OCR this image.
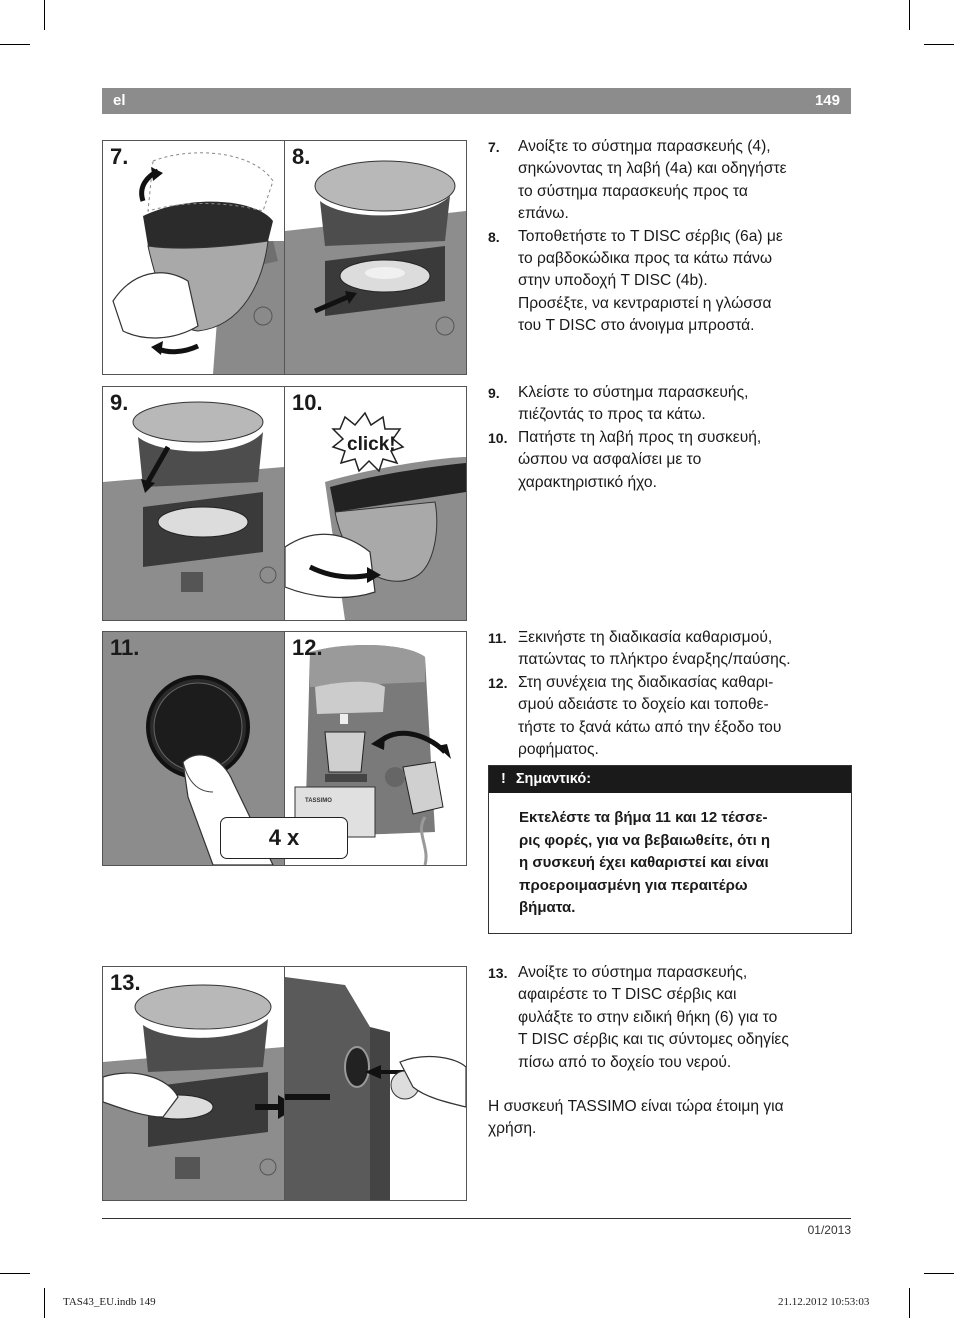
el	149
7.	8.
9.	10.
click!
11.	12.
TASSIMO
4 x
13.
7. Ανοίξτε το σύστημα παρασκευής (4),
σηκώνοντας τη λαβή (4a) και οδηγήστε
το σύστημα παρασκευής προς τα
επάνω.
8. Τοποθετήστε το T DISC σέρβις (6a) με
το ραβδοκώδικα προς τα κάτω πάνω
στην υποδοχή T DISC (4b).
Προσέξτε, να κεντραριστεί η γλώσσα
του T DISC στο άνοιγμα μπροστά.
9. Κλείστε το σύστημα παρασκευής,
πιέζοντάς το προς τα κάτω.
10. Πατήστε τη λαβή προς τη συσκευή,
ώσπου να ασφαλίσει με το
χαρακτηριστικό ήχο.
11. Ξεκινήστε τη διαδικασία καθαρισμού,
πατώντας το πλήκτρο έναρξης/παύσης.
12. Στη συνέχεια της διαδικασίας καθαρι-
σμού αδειάστε το δοχείο και τοποθε-
τήστε το ξανά κάτω από την έξοδο του
ροφήματος.
! Σημαντικό:
Εκτελέστε τα βήμα 11 και 12 τέσσε-
ρις φορές, για να βεβαιωθείτε, ότι η
η συσκευή έχει καθαριστεί και είναι
προεροιμασμένη για περαιτέρω
βήματα.
13. Ανοίξτε το σύστημα παρασκευής,
αφαιρέστε το T DISC σέρβις και
φυλάξτε το στην ειδική θήκη (6) για το
T DISC σέρβις και τις σύντομες οδηγίες
πίσω από το δοχείο του νερού.
Η συσκευή TASSIMO είναι τώρα έτοιμη για
χρήση.
01/2013
TAS43_EU.indb 149	21.12.2012 10:53:03
